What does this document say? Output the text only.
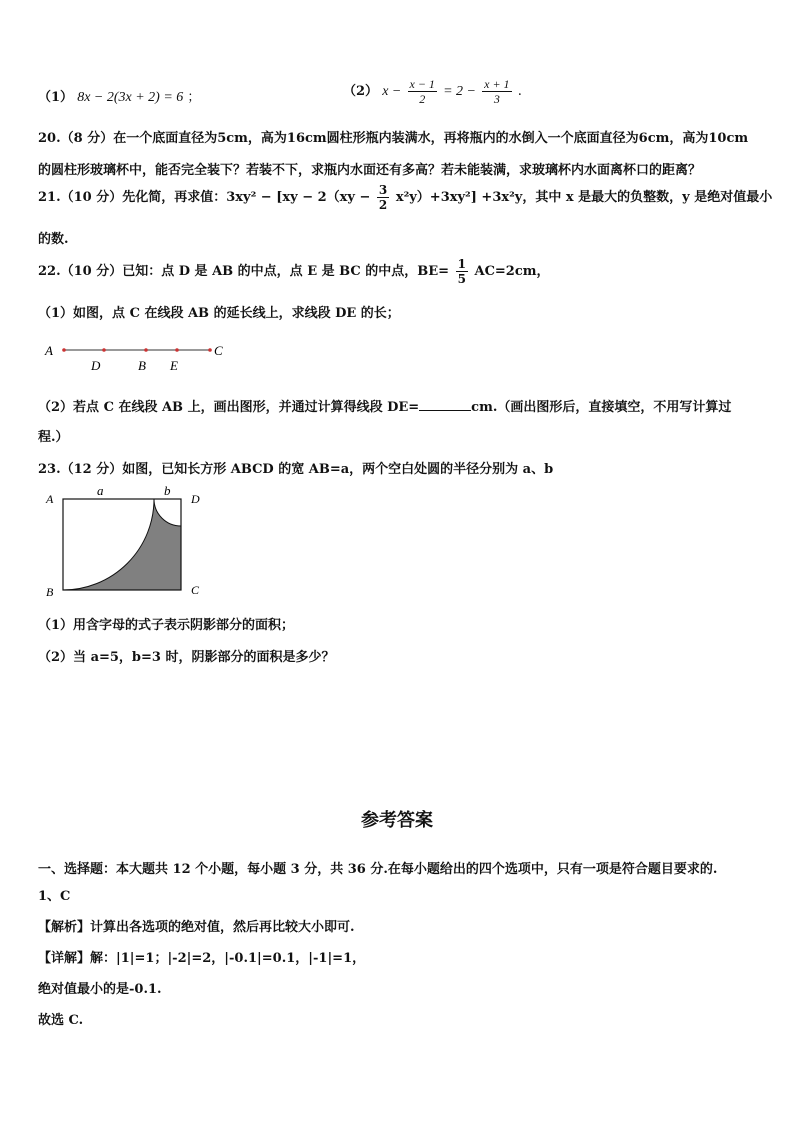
（1） 8x − 2(3x + 2) = 6 ；	（2） $x - \frac{x - 1}{2} = 2 - \frac{x + 1}{3}$ .
20.（8 分）在一个底面直径为5cm，高为16cm圆柱形瓶内装满水，再将瓶内的水倒入一个底面直径为6cm，高为10cm
的圆柱形玻璃杯中，能否完全装下？若装不下，求瓶内水面还有多高？若未能装满，求玻璃杯内水面离杯口的距离？
21.（10 分）先化简，再求值：$3xy^2 - [xy - 2(xy - \frac{3}{2} x^2y)+3xy^2] +3x^2y$，其中 x 是最大的负整数，y 是绝对值最小
的数.
22.（10 分）已知：点 D 是 AB 的中点，点 E 是 BC 的中点，$BE= \frac{1}{5} AC=2cm$，
（1）如图，点 C 在线段 AB 的延长线上，求线段 DE 的长；
A
D	B E
C
（2）若点 C 在线段 AB 上，画出图形，并通过计算得线段 DE=	cm.（画出图形后，直接填空，不用写计算过
程.）
23.（12 分）如图，已知长方形 ABCD 的宽 AB=a，两个空白处圆的半径分别为 a、b
A	D
B	C
a	b
（1）用含字母的式子表示阴影部分的面积；
（2）当 a=5，b=3 时，阴影部分的面积是多少？
参考答案
一、选择题：本大题共 12 个小题，每小题 3 分，共 36 分.在每小题给出的四个选项中，只有一项是符合题目要求的.
1、C
【解析】计算出各选项的绝对值，然后再比较大小即可.
【详解】解：|1|=1；|-2|=2，|-0.1|=0.1，|-1|=1，
绝对值最小的是-0.1.
故选 C.
